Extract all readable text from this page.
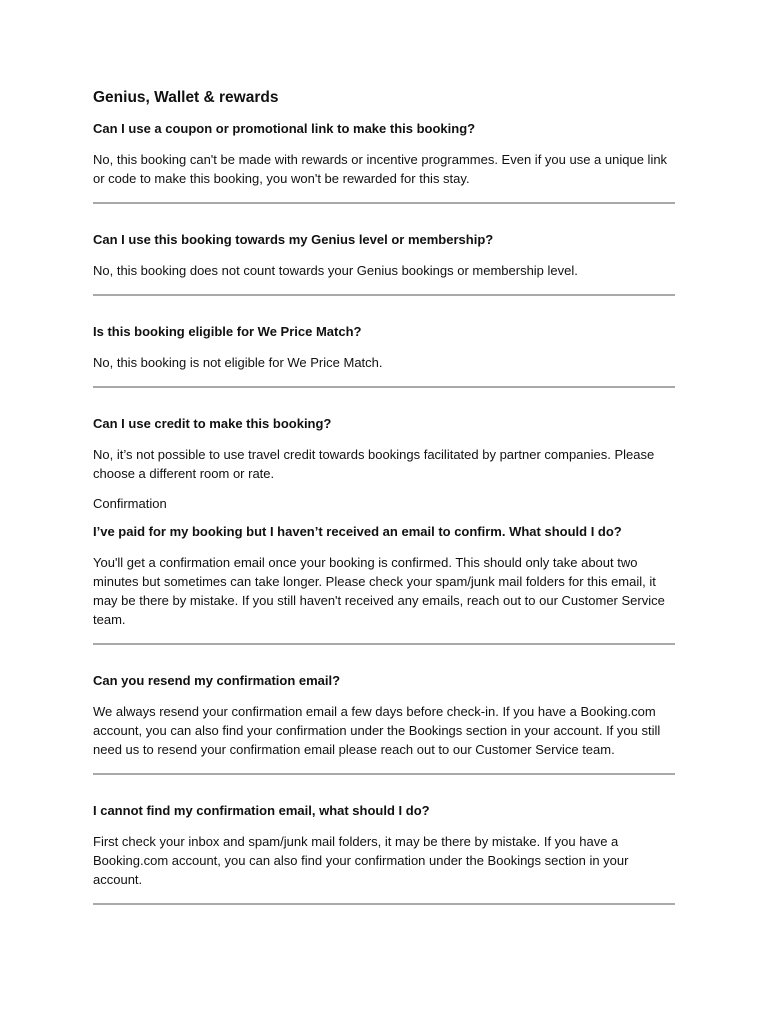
Genius, Wallet & rewards

Can I use a coupon or promotional link to make this booking?

No, this booking can't be made with rewards or incentive programmes. Even if you use a unique link or code to make this booking, you won't be rewarded for this stay.

Can I use this booking towards my Genius level or membership?

No, this booking does not count towards your Genius bookings or membership level.

Is this booking eligible for We Price Match?

No, this booking is not eligible for We Price Match.

Can I use credit to make this booking?

No, it’s not possible to use travel credit towards bookings facilitated by partner companies. Please choose a different room or rate.

Confirmation

I’ve paid for my booking but I haven’t received an email to confirm. What should I do?

You'll get a confirmation email once your booking is confirmed. This should only take about two minutes but sometimes can take longer. Please check your spam/junk mail folders for this email, it may be there by mistake. If you still haven't received any emails, reach out to our Customer Service team.

Can you resend my confirmation email?

We always resend your confirmation email a few days before check-in. If you have a Booking.com account, you can also find your confirmation under the Bookings section in your account. If you still need us to resend your confirmation email please reach out to our Customer Service team.

I cannot find my confirmation email, what should I do?

First check your inbox and spam/junk mail folders, it may be there by mistake. If you have a Booking.com account, you can also find your confirmation under the Bookings section in your account.
